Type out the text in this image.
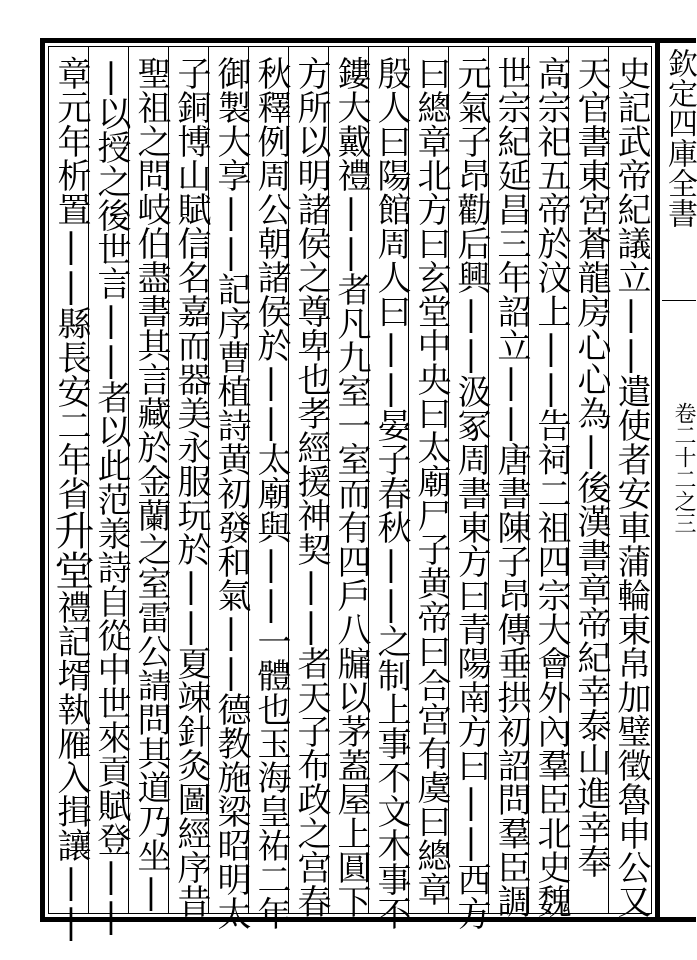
史記武帝紀議立||遣使者安車蒲輪東帛加璧徵魯申公又
天官書東宮蒼龍房心心為|後漢書章帝紀幸泰山進幸奉
高宗祀五帝於汶上||告祠二祖四宗大會外內羣臣北史魏
世宗紀延昌三年詔立||唐書陳子昂傳垂拱初詔問羣臣調
元氣子昂勸后興||汲冢周書東方曰青陽南方曰||西方
曰總章北方曰玄堂中央曰太廟尸子黄帝曰合宫有虞曰總章
殷人曰陽館周人曰||晏子春秋||之制上事不文木事不
鏤大戴禮||者凡九室一室而有四戶八牖以茅蓋屋上圓下
方所以明諸侯之尊卑也孝經援神契||者天子布政之宫春
秋釋例周公朝諸侯於||太廟與||一體也玉海皇祐二年
御製大享||記序曹植詩黄初發和氣||德教施梁昭明太
子銅博山賦信名嘉而器美永服玩於||夏竦針灸圖經序昔
聖祖之問岐伯盡書其言藏於金蘭之室雷公請問其道乃坐|
|以授之後世言||者以此范𣴎詩自從中世來貢賦登||
章元年析置||縣長安二年省升堂禮記壻執雁入揖讓||
欽定四庫全書
卷二十二之三
